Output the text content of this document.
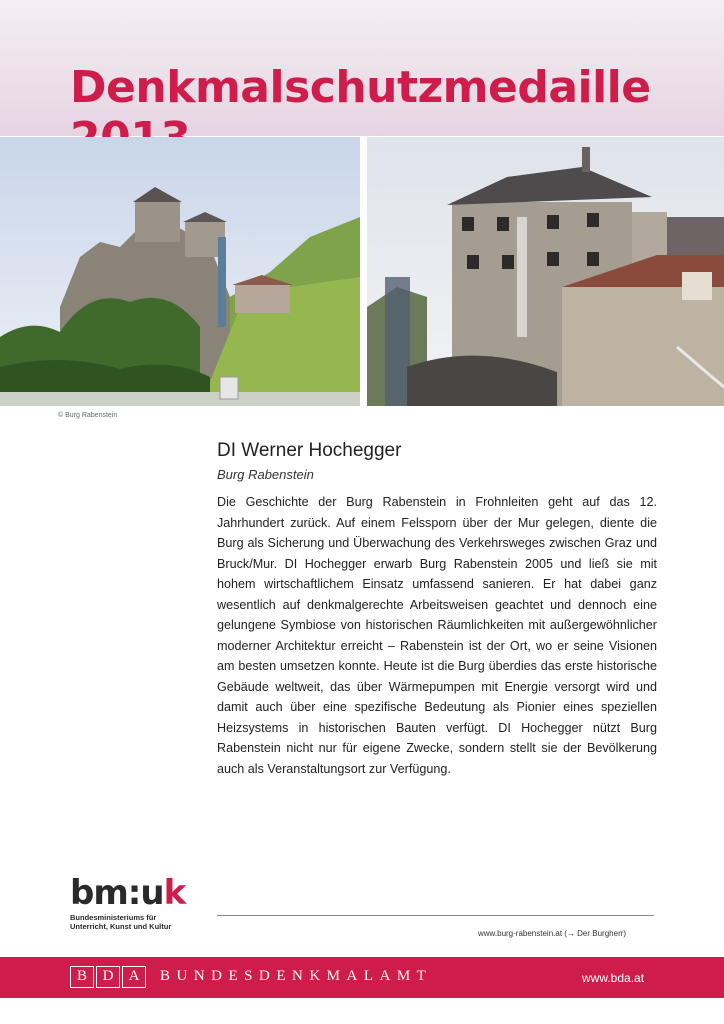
Denkmalschutzmedaille
© Burg Rabenstein
DI Werner Hochegger
Burg Rabenstein

Die Geschichte der Burg Rabenstein in Frohnleiten geht auf das 12. Jahrhundert zurück. Auf einem Felssporn über der Mur gelegen, diente die Burg als Sicherung und Überwachung des Verkehrsweges zwischen Graz und Bruck/Mur. DI Hochegger erwarb Burg Rabenstein 2005 und ließ sie mit hohem wirtschaftlichem Einsatz umfassend sanieren. Er hat dabei ganz wesentlich auf denkmalgerechte Arbeitsweisen geachtet und dennoch eine gelungene Symbiose von historischen Räumlichkeiten mit außergewöhnlicher moderner Architektur erreicht – Rabenstein ist der Ort, wo er seine Visionen am besten umsetzen konnte. Heute ist die Burg überdies das erste historische Gebäude weltweit, das über Wärmepumpen mit Energie versorgt wird und damit auch über eine spezifische Bedeutung als Pionier eines speziellen Heizsystems in historischen Bauten verfügt. DI Hochegger nützt Burg Rabenstein nicht nur für eigene Zwecke, sondern stellt sie der Bevölkerung auch als Veranstaltungsort zur Verfügung.

bm:uk
Bundesministeriums für
Unterricht, Kunst und Kultur
www.burg-rabenstein.at (→ Der Burgherr)
B	D	A	BUNDESDENKMALAMT	www.bda.at
